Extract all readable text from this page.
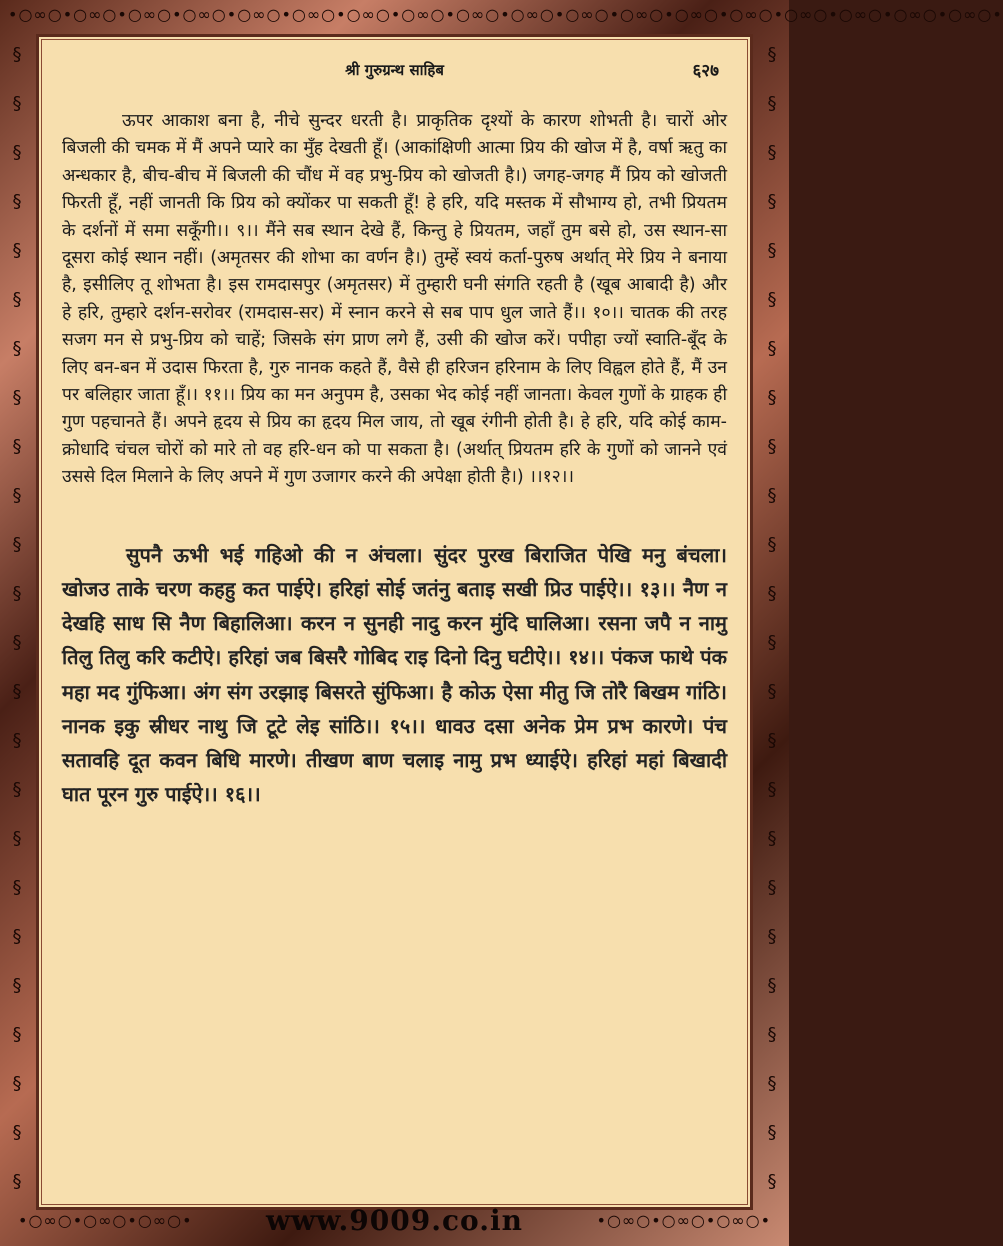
•○∞○•○∞○•○∞○•○∞○•○∞○•○∞○•○∞○•○∞○•○∞○•○∞○•○∞○•○∞○•○∞○•○∞○•○∞○•○∞○•○∞○•○∞○•
§
§
§
§
§
§
§
§
§
§
§
§
§
§
§
§
§
§
§
§
§
§
§
§
§
§
§
§
§
§
§
§
§
§
§
§
§
§
§
§
§
§
§
§
§
§
§
§
श्री गुरुग्रन्थ साहिब	६२७
ऊपर आकाश बना है, नीचे सुन्दर धरती है। प्राकृतिक दृश्यों के कारण शोभती है। चारों ओर बिजली की चमक में मैं अपने प्यारे का मुँह देखती हूँ। (आकांक्षिणी आत्मा प्रिय की खोज में है, वर्षा ऋतु का अन्धकार है, बीच-बीच में बिजली की चौंध में वह प्रभु-प्रिय को खोजती है।) जगह-जगह मैं प्रिय को खोजती फिरती हूँ, नहीं जानती कि प्रिय को क्योंकर पा सकती हूँ! हे हरि, यदि मस्तक में सौभाग्य हो, तभी प्रियतम के दर्शनों में समा सकूँगी।। ९।। मैंने सब स्थान देखे हैं, किन्तु हे प्रियतम, जहाँ तुम बसे हो, उस स्थान-सा दूसरा कोई स्थान नहीं। (अमृतसर की शोभा का वर्णन है।) तुम्हें स्वयं कर्ता-पुरुष अर्थात् मेरे प्रिय ने बनाया है, इसीलिए तू शोभता है। इस रामदासपुर (अमृतसर) में तुम्हारी घनी संगति रहती है (खूब आबादी है) और हे हरि, तुम्हारे दर्शन-सरोवर (रामदास-सर) में स्नान करने से सब पाप धुल जाते हैं।। १०।। चातक की तरह सजग मन से प्रभु-प्रिय को चाहें; जिसके संग प्राण लगे हैं, उसी की खोज करें। पपीहा ज्यों स्वाति-बूँद के लिए बन-बन में उदास फिरता है, गुरु नानक कहते हैं, वैसे ही हरिजन हरिनाम के लिए विह्वल होते हैं, मैं उन पर बलिहार जाता हूँ।। ११।। प्रिय का मन अनुपम है, उसका भेद कोई नहीं जानता। केवल गुणों के ग्राहक ही गुण पहचानते हैं। अपने हृदय से प्रिय का हृदय मिल जाय, तो खूब रंगीनी होती है। हे हरि, यदि कोई काम-क्रोधादि चंचल चोरों को मारे तो वह हरि-धन को पा सकता है। (अर्थात् प्रियतम हरि के गुणों को जानने एवं उससे दिल मिलाने के लिए अपने में गुण उजागर करने की अपेक्षा होती है।) ।।१२।।
सुपनै ऊभी भई गहिओ की न अंचला। सुंदर पुरख बिराजित पेखि मनु बंचला। खोजउ ताके चरण कहहु कत पाईऐ। हरिहां सोई जतंनु बताइ सखी प्रिउ पाईऐ।। १३।। नैण न देखहि साध सि नैण बिहालिआ। करन न सुनही नादु करन मुंदि घालिआ। रसना जपै न नामु तिलु तिलु करि कटीऐ। हरिहां जब बिसरै गोबिद राइ दिनो दिनु घटीऐ।। १४।। पंकज फाथे पंक महा मद गुंफिआ। अंग संग उरझाइ बिसरते सुंफिआ। है कोऊ ऐसा मीतु जि तोरै बिखम गांठि। नानक इकु स्रीधर नाथु जि टूटे लेइ सांठि।। १५।। धावउ दसा अनेक प्रेम प्रभ कारणे। पंच सतावहि दूत कवन बिधि मारणे। तीखण बाण चलाइ नामु प्रभ ध्याईऐ। हरिहां महां बिखादी घात पूरन गुरु पाईऐ।। १६।।
•○∞○•○∞○•○∞○•	•○∞○•○∞○•○∞○•
www.9009.co.in
